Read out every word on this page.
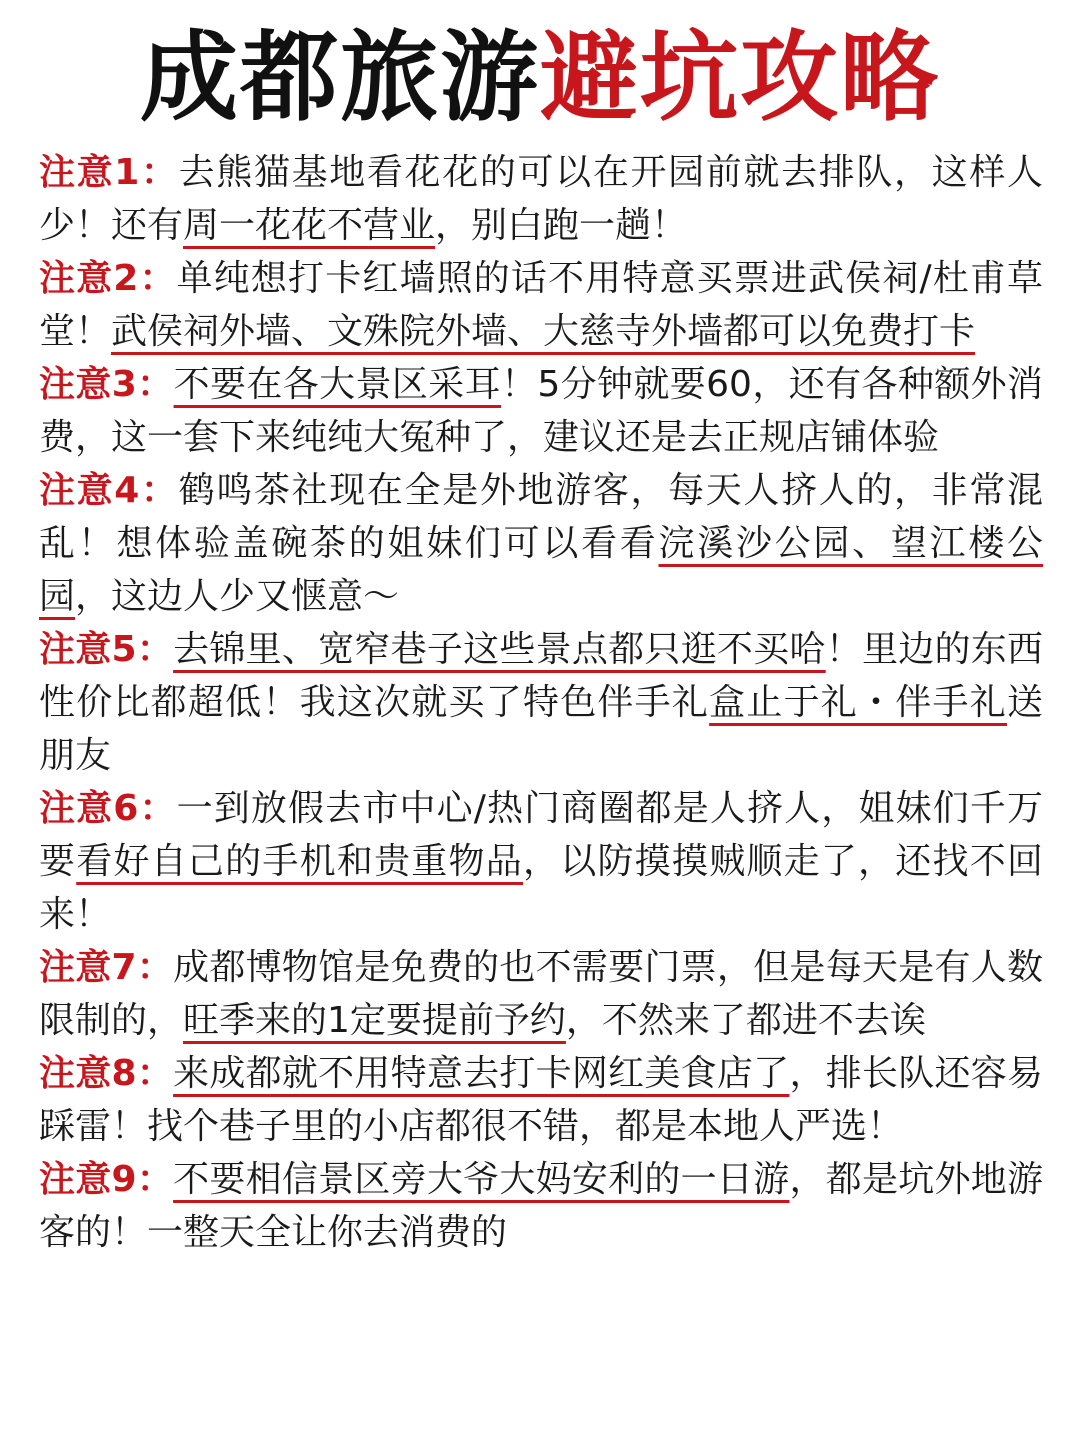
成都旅游避坑攻略

注意1：去熊猫基地看花花的可以在开园前就去排队，这样人少！还有周一花花不营业，别白跑一趟！

注意2：单纯想打卡红墙照的话不用特意买票进武侯祠/杜甫草堂！武侯祠外墙、文殊院外墙、大慈寺外墙都可以免费打卡

注意3：不要在各大景区采耳！5分钟就要60，还有各种额外消费，这一套下来纯纯大冤种了，建议还是去正规店铺体验

注意4：鹤鸣茶社现在全是外地游客，每天人挤人的，非常混乱！想体验盖碗茶的姐妹们可以看看浣溪沙公园、望江楼公园，这边人少又惬意～

注意5：去锦里、宽窄巷子这些景点都只逛不买哈！里边的东西性价比都超低！我这次就买了特色伴手礼盒止于礼・伴手礼送朋友

注意6：一到放假去市中心/热门商圈都是人挤人，姐妹们千万要看好自己的手机和贵重物品，以防摸摸贼顺走了，还找不回来！

注意7：成都博物馆是免费的也不需要门票，但是每天是有人数限制的，旺季来的1定要提前予约，不然来了都进不去诶

注意8：来成都就不用特意去打卡网红美食店了，排长队还容易踩雷！找个巷子里的小店都很不错，都是本地人严选！

注意9：不要相信景区旁大爷大妈安利的一日游，都是坑外地游客的！一整天全让你去消费的
